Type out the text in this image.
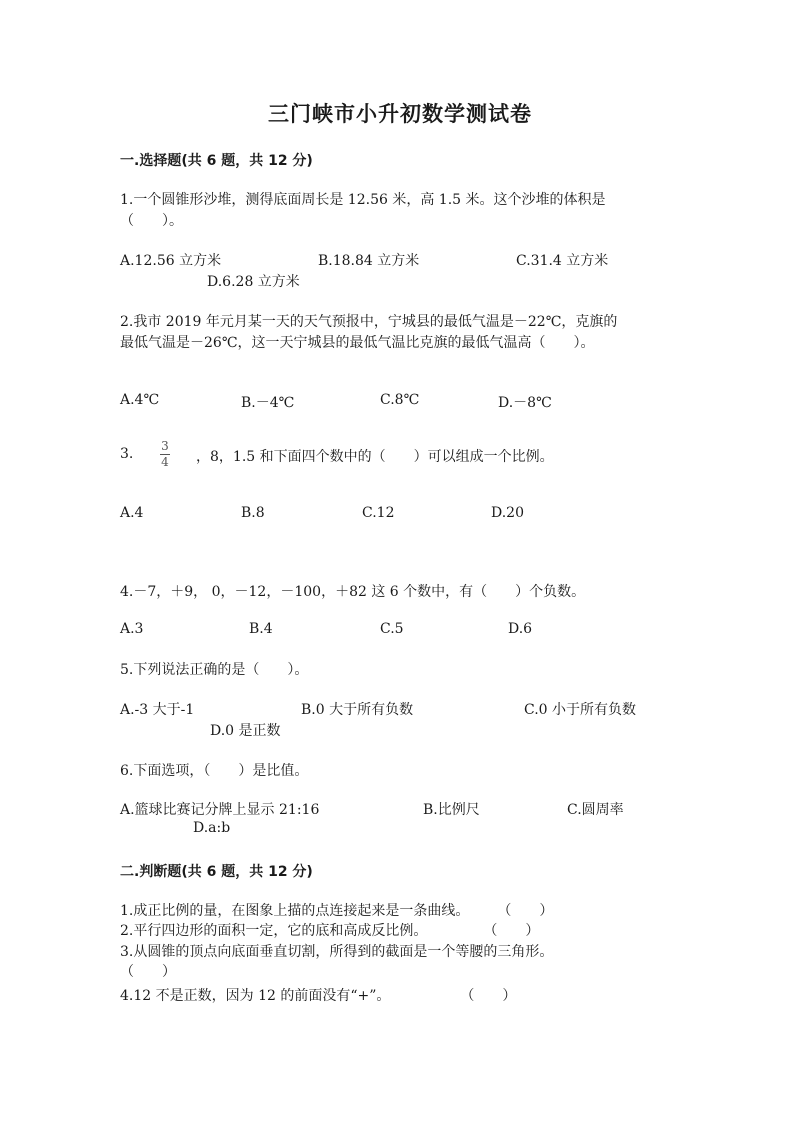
三门峡市小升初数学测试卷
一.选择题(共 6 题，共 12 分)
1.一个圆锥形沙堆，测得底面周长是 12.56 米，高 1.5 米。这个沙堆的体积是
（　　）。
A.12.56 立方米	B.18.84 立方米	C.31.4 立方米
D.6.28 立方米
2.我市 2019 年元月某一天的天气预报中，宁城县的最低气温是－22℃，克旗的
最低气温是－26℃，这一天宁城县的最低气温比克旗的最低气温高（　　）。
A.4℃	B.－4℃	C.8℃	D.－8℃
3. $\frac{3}{4}$ ，8，1.5 和下面四个数中的（　　）可以组成一个比例。
A.4	B.8	C.12	D.20
4.－7，＋9， 0，－12，－100，＋82 这 6 个数中，有（　　）个负数。
A.3	B.4	C.5	D.6
5.下列说法正确的是（　　）。
A.-3 大于-1	B.0 大于所有负数	C.0 小于所有负数
D.0 是正数
6.下面选项，（　　）是比值。
A.篮球比赛记分牌上显示 21:16	B.比例尺	C.圆周率
D.a:b
二.判断题(共 6 题，共 12 分)
1.成正比例的量，在图象上描的点连接起来是一条曲线。　　　（　　）
2.平行四边形的面积一定，它的底和高成反比例。　　　　　（　　）
3.从圆锥的顶点向底面垂直切割，所得到的截面是一个等腰的三角形。
（　　）
4.12 不是正数，因为 12 的前面没有“+”。　　　　　　（　　）
